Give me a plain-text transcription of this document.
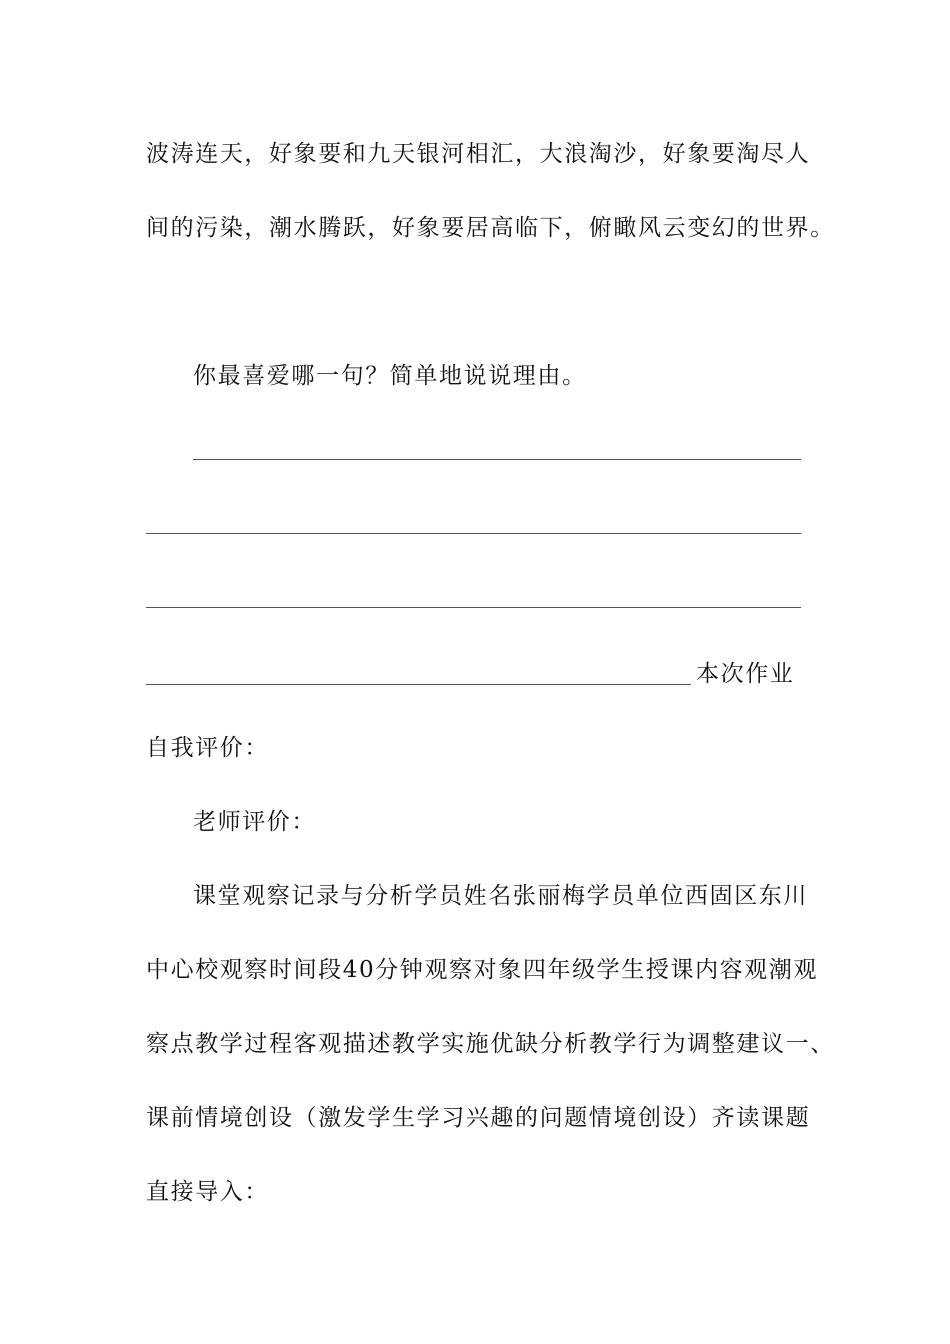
波涛连天，好象要和九天银河相汇，大浪淘沙，好象要淘尽人
间的污染，潮水腾跃，好象要居高临下，俯瞰风云变幻的世界。
你最喜爱哪一句？简单地说说理由。
本次作业
自我评价：
老师评价：
课堂观察记录与分析学员姓名张丽梅学员单位西固区东川
中心校观察时间段40分钟观察对象四年级学生授课内容观潮观
察点教学过程客观描述教学实施优缺分析教学行为调整建议一、
课前情境创设（激发学生学习兴趣的问题情境创设）齐读课题
直接导入：
